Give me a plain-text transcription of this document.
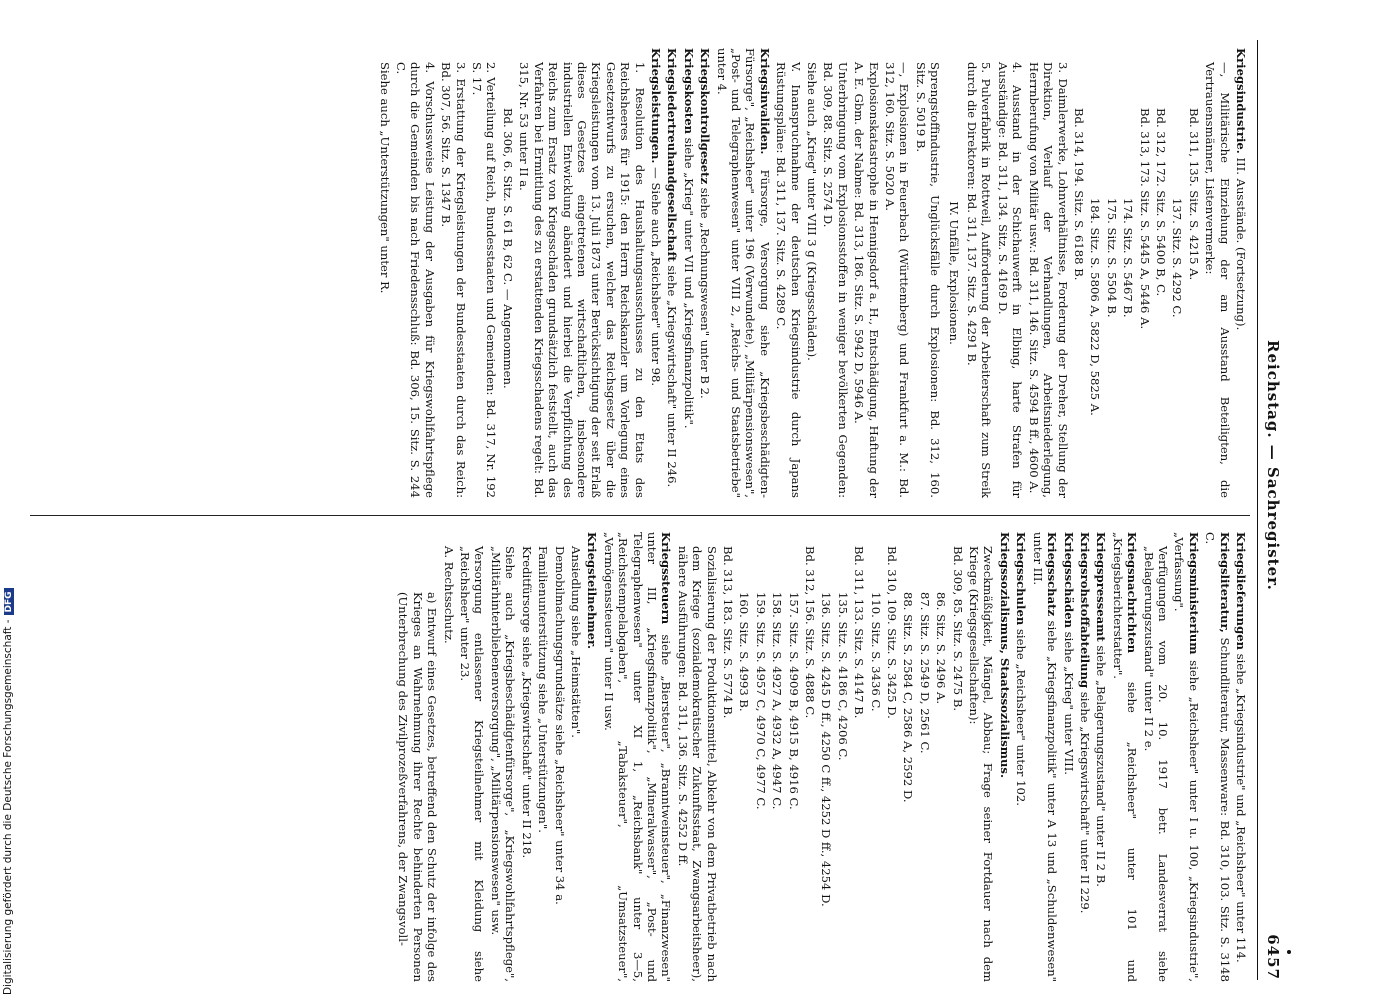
Reichstag. — Sachregister.
6457

Kriegsindustrie. III. Ausstände. (Fortsetzung).

—, Militärische Einziehung der am Ausstand Beteiligten, die Vertrauensmänner, Listenvermerke:

Bd. 311, 135. Sitz. S. 4215 A.

137. Sitz. S. 4292 C.

Bd. 312, 172. Sitz. S. 5400 B, C.

Bd. 313, 173. Sitz. S. 5445 A, 5446 A.

174. Sitz. S. 5467 B.

175. Sitz. S. 5504 B.

184. Sitz. S. 5806 A, 5822 D, 5825 A.

Bd. 314, 194. Sitz. S. 6188 B.

3. Daimlerwerke, Lohnverhältnisse, Forderung der Dreher, Stellung der Direktion, Verlauf der Verhandlungen, Arbeitsniederlegung, Herrnberufung von Militär usw.: Bd. 311, 146. Sitz. S. 4594 B ff., 4600 A.

4. Ausstand in der Schichauwerft in Elbing, harte Strafen für Ausständige: Bd. 311, 134. Sitz. S. 4169 D.

5. Pulverfabrik in Rottweil, Aufforderung der Arbeiterschaft zum Streik durch die Direktoren: Bd. 311, 137. Sitz. S. 4291 B.

IV. Unfälle, Explosionen.

Sprengstoffindustrie, Unglücksfälle durch Explosionen: Bd. 312, 160. Sitz. S. 5019 B.

—, Explosionen in Feuerbach (Württemberg) und Frankfurt a. M.: Bd. 312, 160. Sitz. S. 5020 A.

Explosionskatastrophe in Hennigsdorf a. H., Entschädigung, Haftung der A. E. Gbm. der Nabme: Bd. 313, 186. Sitz. S. 5942 D, 5946 A.

Unterbringung vom Explosionsstoffen in weniger bevölkerten Gegenden: Bd. 309, 88. Sitz. S. 2574 D.

Siehe auch „Krieg" unter VIII 3 g (Kriegsschäden).

V. Inanspruchnahme der deutschen Kriegsindustrie durch Japans Rüstungspläne: Bd. 311, 137. Sitz. S. 4289 C.

Kriegsinvaliden. Fürsorge, Versorgung siehe „Kriegsbeschädigten-Fürsorge", „Reichsheer" unter 196 (Verwundete), „Militärpensionswesen", „Post- und Telegraphenwesen" unter VIII 2, „Reichs- und Staatsbetriebe" unter 4.

Kriegskontrollgesetz siehe „Rechnungswesen" unter B 2.

Kriegskosten siehe „Krieg" unter VII und „Kriegsfinanzpolitik".

Kriegsledertreuhandgesellschaft siehe „Kriegswirtschaft" unter II 246.

Kriegsleistungen. — Siehe auch „Reichsheer" unter 98.

1. Resolution des Haushaltungsausschusses zu den Etats des Reichsheeres für 1915: den Herrn Reichskanzler um Vorlegung eines Gesetzentwurfs zu ersuchen, welcher das Reichsgesetz über die Kriegsleistungen vom 13. Juli 1873 unter Berücksichtigung der seit Erlaß dieses Gesetzes eingetretenen wirtschaftlichen, insbesondere industriellen Entwicklung abändert und hierbei die Verpflichtung des Reichs zum Ersatz von Kriegsschäden grundsätzlich feststellt, auch das Verfahren bei Ermittlung des zu erstattenden Kriegsschadens regelt: Bd. 315, Nr. 53 unter II a.

Bd. 306, 6. Sitz. S. 61 B, 62 C. — Angenommen.

2. Verteilung auf Reich, Bundesstaaten und Gemeinden: Bd. 317, Nr. 192 S. 17.

3. Erstattung der Kriegsleistungen der Bundesstaaten durch das Reich: Bd. 307, 56. Sitz. S. 1347 B.

4. Vorschussweise Leistung der Ausgaben für Kriegswohlfahrtspflege durch die Gemeinden bis nach Friedensschluß: Bd. 306, 15. Sitz. S. 244 C.

Siehe auch „Unterstützungen" unter R.

Kriegslieferungen siehe „Kriegsindustrie" und „Reichsheer" unter 114.

Kriegsliteratur, Schundliteratur, Massenware: Bd. 310, 103. Sitz. S. 3148 C.

Kriegsministerium siehe „Reichsheer" unter I u. 100, „Kriegsindustrie", „Verfassung".

Verfügungen vom 20. 10. 1917 betr. Landesverrat siehe „Belagerungszustand" unter II 2 e.

Kriegsnachrichten siehe „Reichsheer" unter 101 und „Kriegsberichterstatter".

Kriegspresseamt siehe „Belagerungszustand" unter II 2 B.

Kriegsrohstoffabteilung siehe „Kriegswirtschaft" unter II 229.

Kriegsschäden siehe „Krieg" unter VIII.

Kriegsschatz siehe „Kriegsfinanzpolitik" unter A 13 und „Schuldenwesen" unter III.

Kriegsschulen siehe „Reichsheer" unter 102.

Kriegssozialismus, Staatssozialismus.

Zweckmäßigkeit, Mängel, Abbau; Frage seiner Fortdauer nach dem Kriege (Kriegsgesellschaften):

Bd. 309, 85. Sitz. S. 2475 B.

86. Sitz. S. 2496 A.

87. Sitz. S. 2549 D, 2561 C.

88. Sitz. S. 2584 C, 2586 A, 2592 D.

Bd. 310, 109. Sitz. S. 3425 D.

110. Sitz. S. 3436 C.

Bd. 311, 133. Sitz. S. 4147 B.

135. Sitz. S. 4186 C, 4206 C.

136. Sitz. S. 4245 D ff., 4250 C ff., 4252 D ff., 4254 D.

Bd. 312, 156. Sitz. S. 4888 C.

157. Sitz. S. 4909 B, 4915 B, 4916 C.

158. Sitz. S. 4927 A, 4932 A, 4947 C.

159. Sitz. S. 4957 C, 4970 C, 4977 C.

160. Sitz. S. 4993 B.

Bd. 313, 183. Sitz. S. 5774 B.

Sozialisierung der Produktionsmittel, Abkehr von dem Privatbetrieb nach dem Kriege (sozialdemokratischer Zukunftsstaat, Zwangsarbeitsheer), nähere Ausführungen: Bd. 311, 136. Sitz. S. 4252 D ff.

Kriegssteuern siehe „Biersteuer", „Branntweinsteuer", „Finanzwesen" unter III, „Kriegsfinanzpolitik", „Mineralwasser", „Post- und Telegraphenwesen" unter XI 1, „Reichsbank" unter 3—5, „Reichsstempelabgaben", „Tabaksteuer", „Umsatzsteuer", „Vermögenssteuern" unter II usw.

Kriegsteilnehmer.

Ansiedlung siehe „Heimstätten".

Demobilmachungsgrundsätze siehe „Reichsheer" unter 34 a.

Familienunterstützung siehe „Unterstützungen".

Kreditfürsorge siehe „Kriegswirtschaft" unter II 218.

Siehe auch „Kriegsbeschädigtenfürsorge", „Kriegswohlfahrtspflege", „Militärhinterbliebenenversorgung", „Militärpensionswesen" usw.

Versorgung entlassener Kriegsteilnehmer mit Kleidung siehe „Reichsheer" unter 23.

A. Rechtsschutz.

a) Entwurf eines Gesetzes, betreffend den Schutz der infolge des Krieges an Wahrnehmung ihrer Rechte behinderten Personen (Unterbrechung des Zivilprozeßverfahrens, der Zwangsvoll-

Digitalisierung gefördert durch die Deutsche Forschungsgemeinschaft -DFG
